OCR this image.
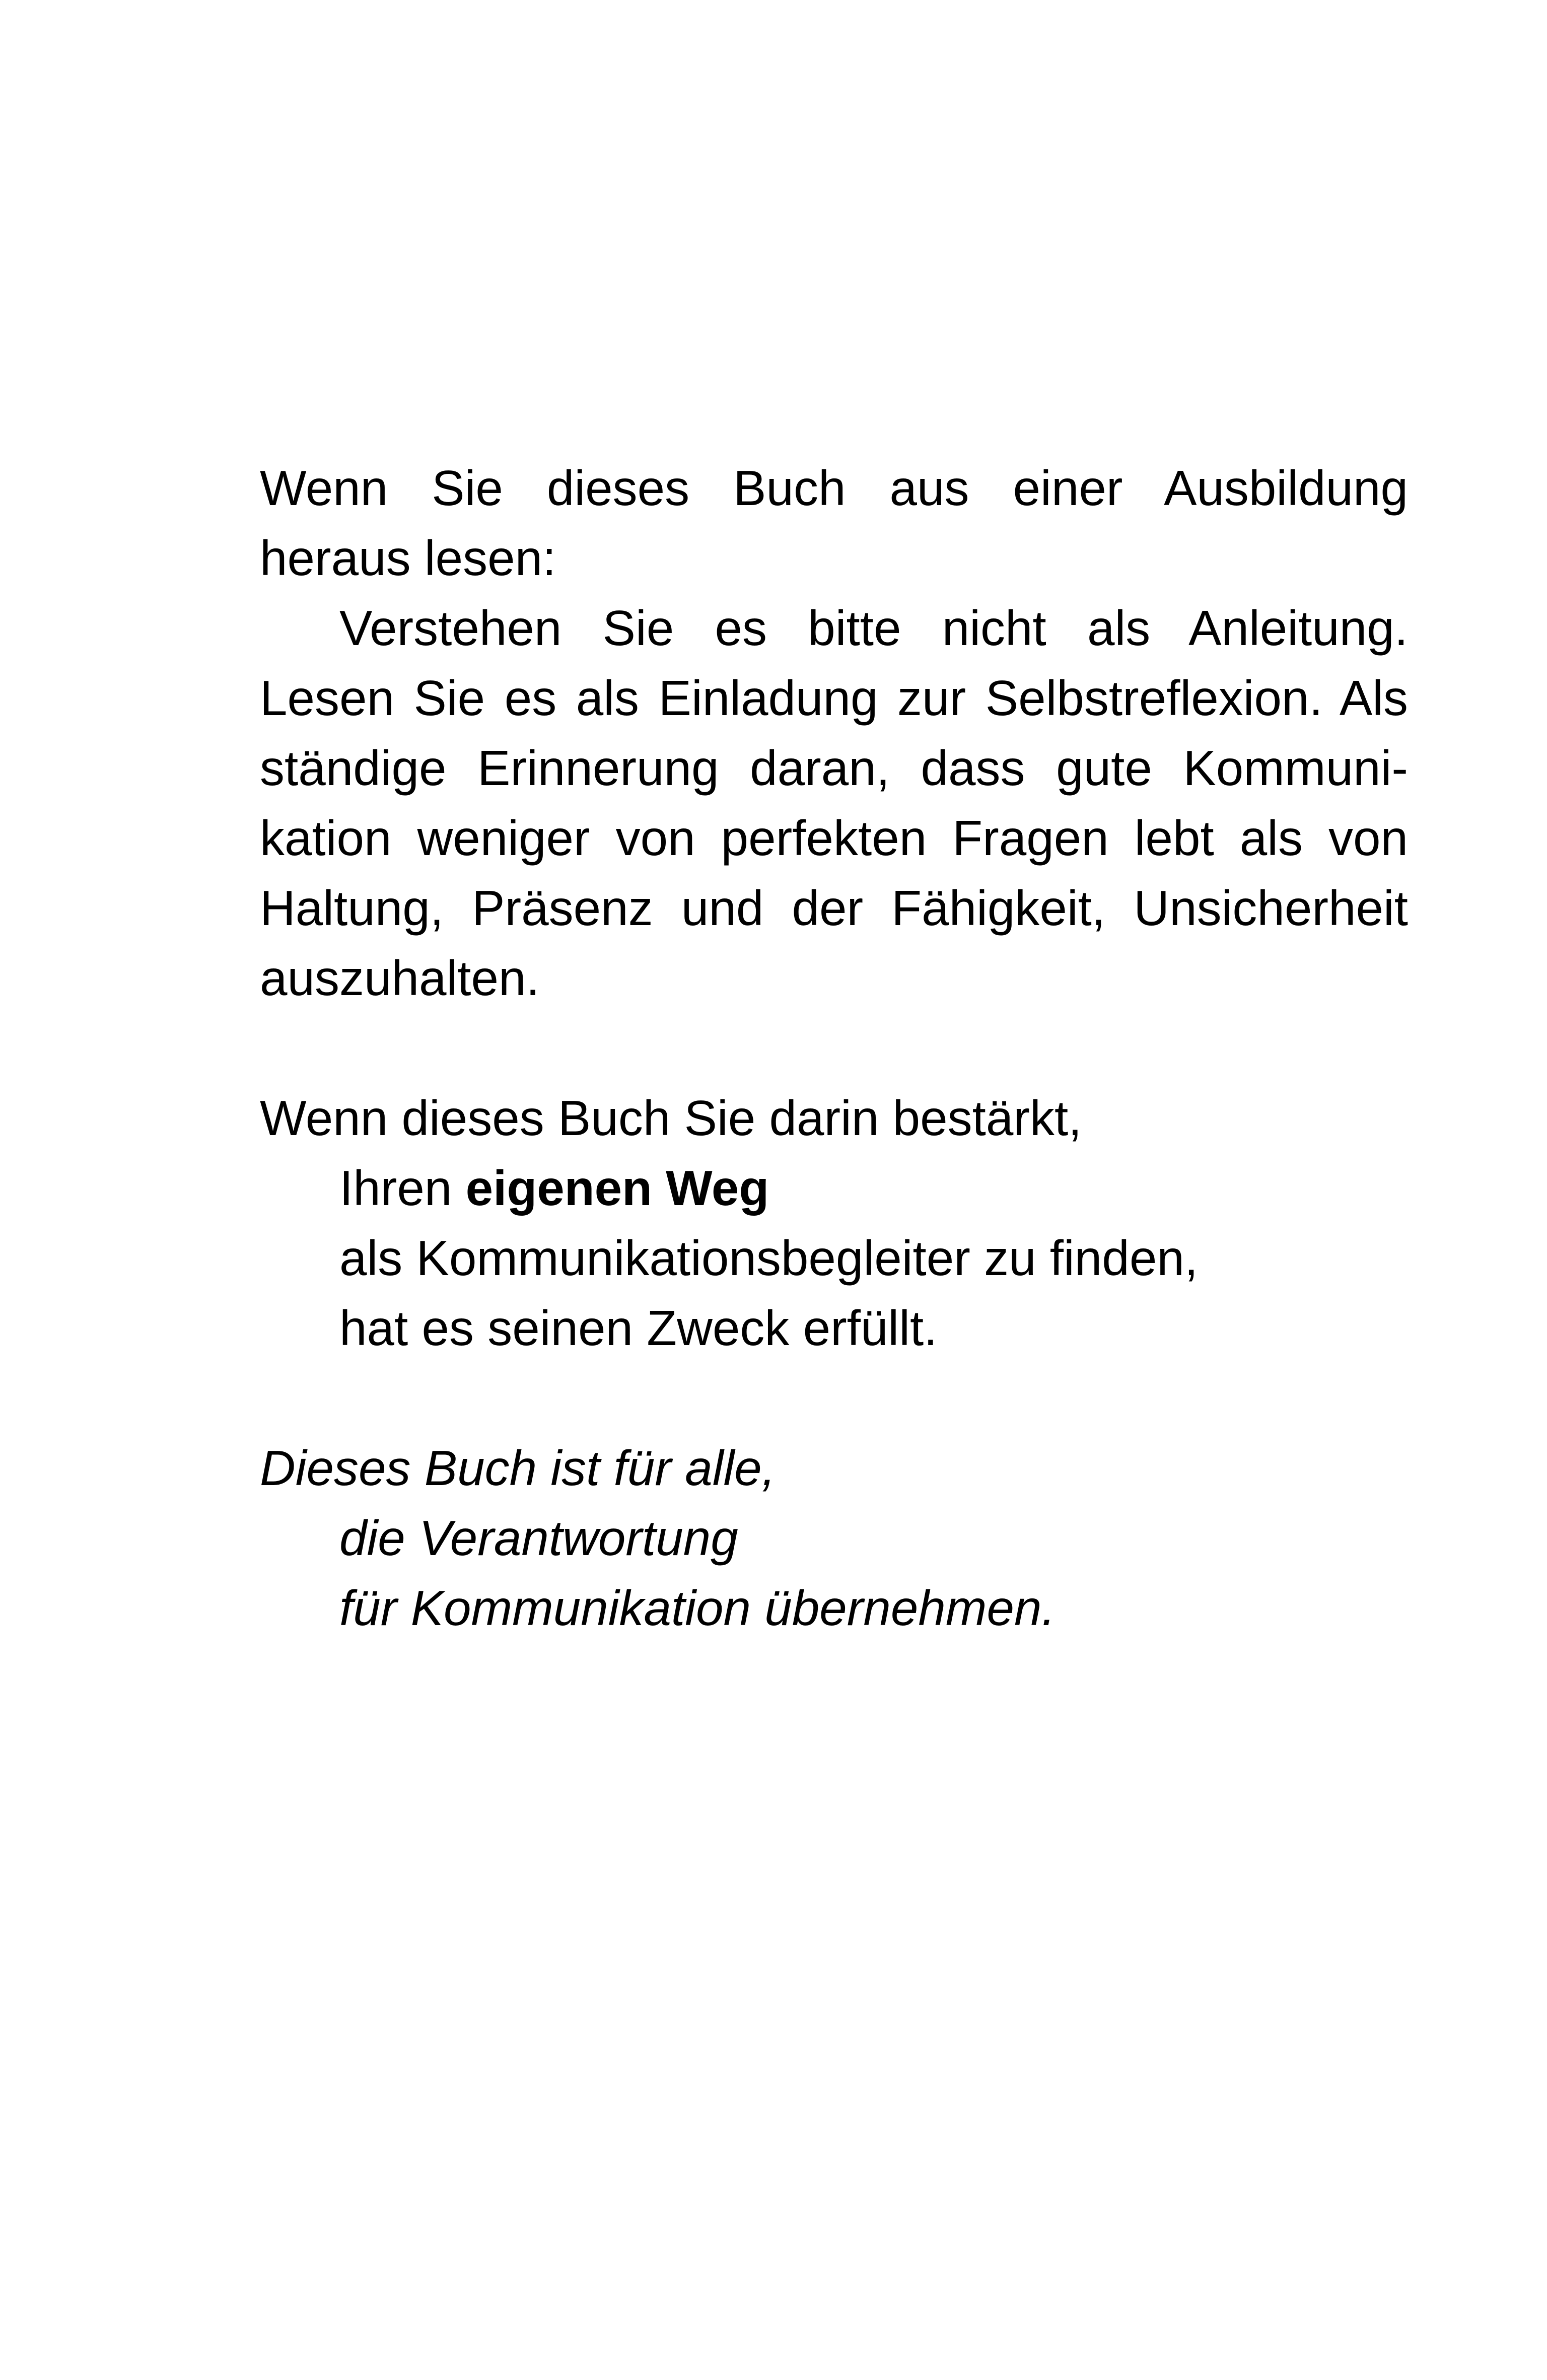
Wenn Sie dieses Buch aus einer Ausbildung
heraus lesen:
Verstehen Sie es bitte nicht als Anleitung.
Lesen Sie es als Einladung zur Selbstreflexion. Als
ständige Erinnerung daran, dass gute Kommuni-
kation weniger von perfekten Fragen lebt als von
Haltung, Präsenz und der Fähigkeit, Unsicherheit
auszuhalten.
Wenn dieses Buch Sie darin bestärkt,
Ihren eigenen Weg
als Kommunikationsbegleiter zu finden,
hat es seinen Zweck erfüllt.
Dieses Buch ist für alle,
die Verantwortung
für Kommunikation übernehmen.
